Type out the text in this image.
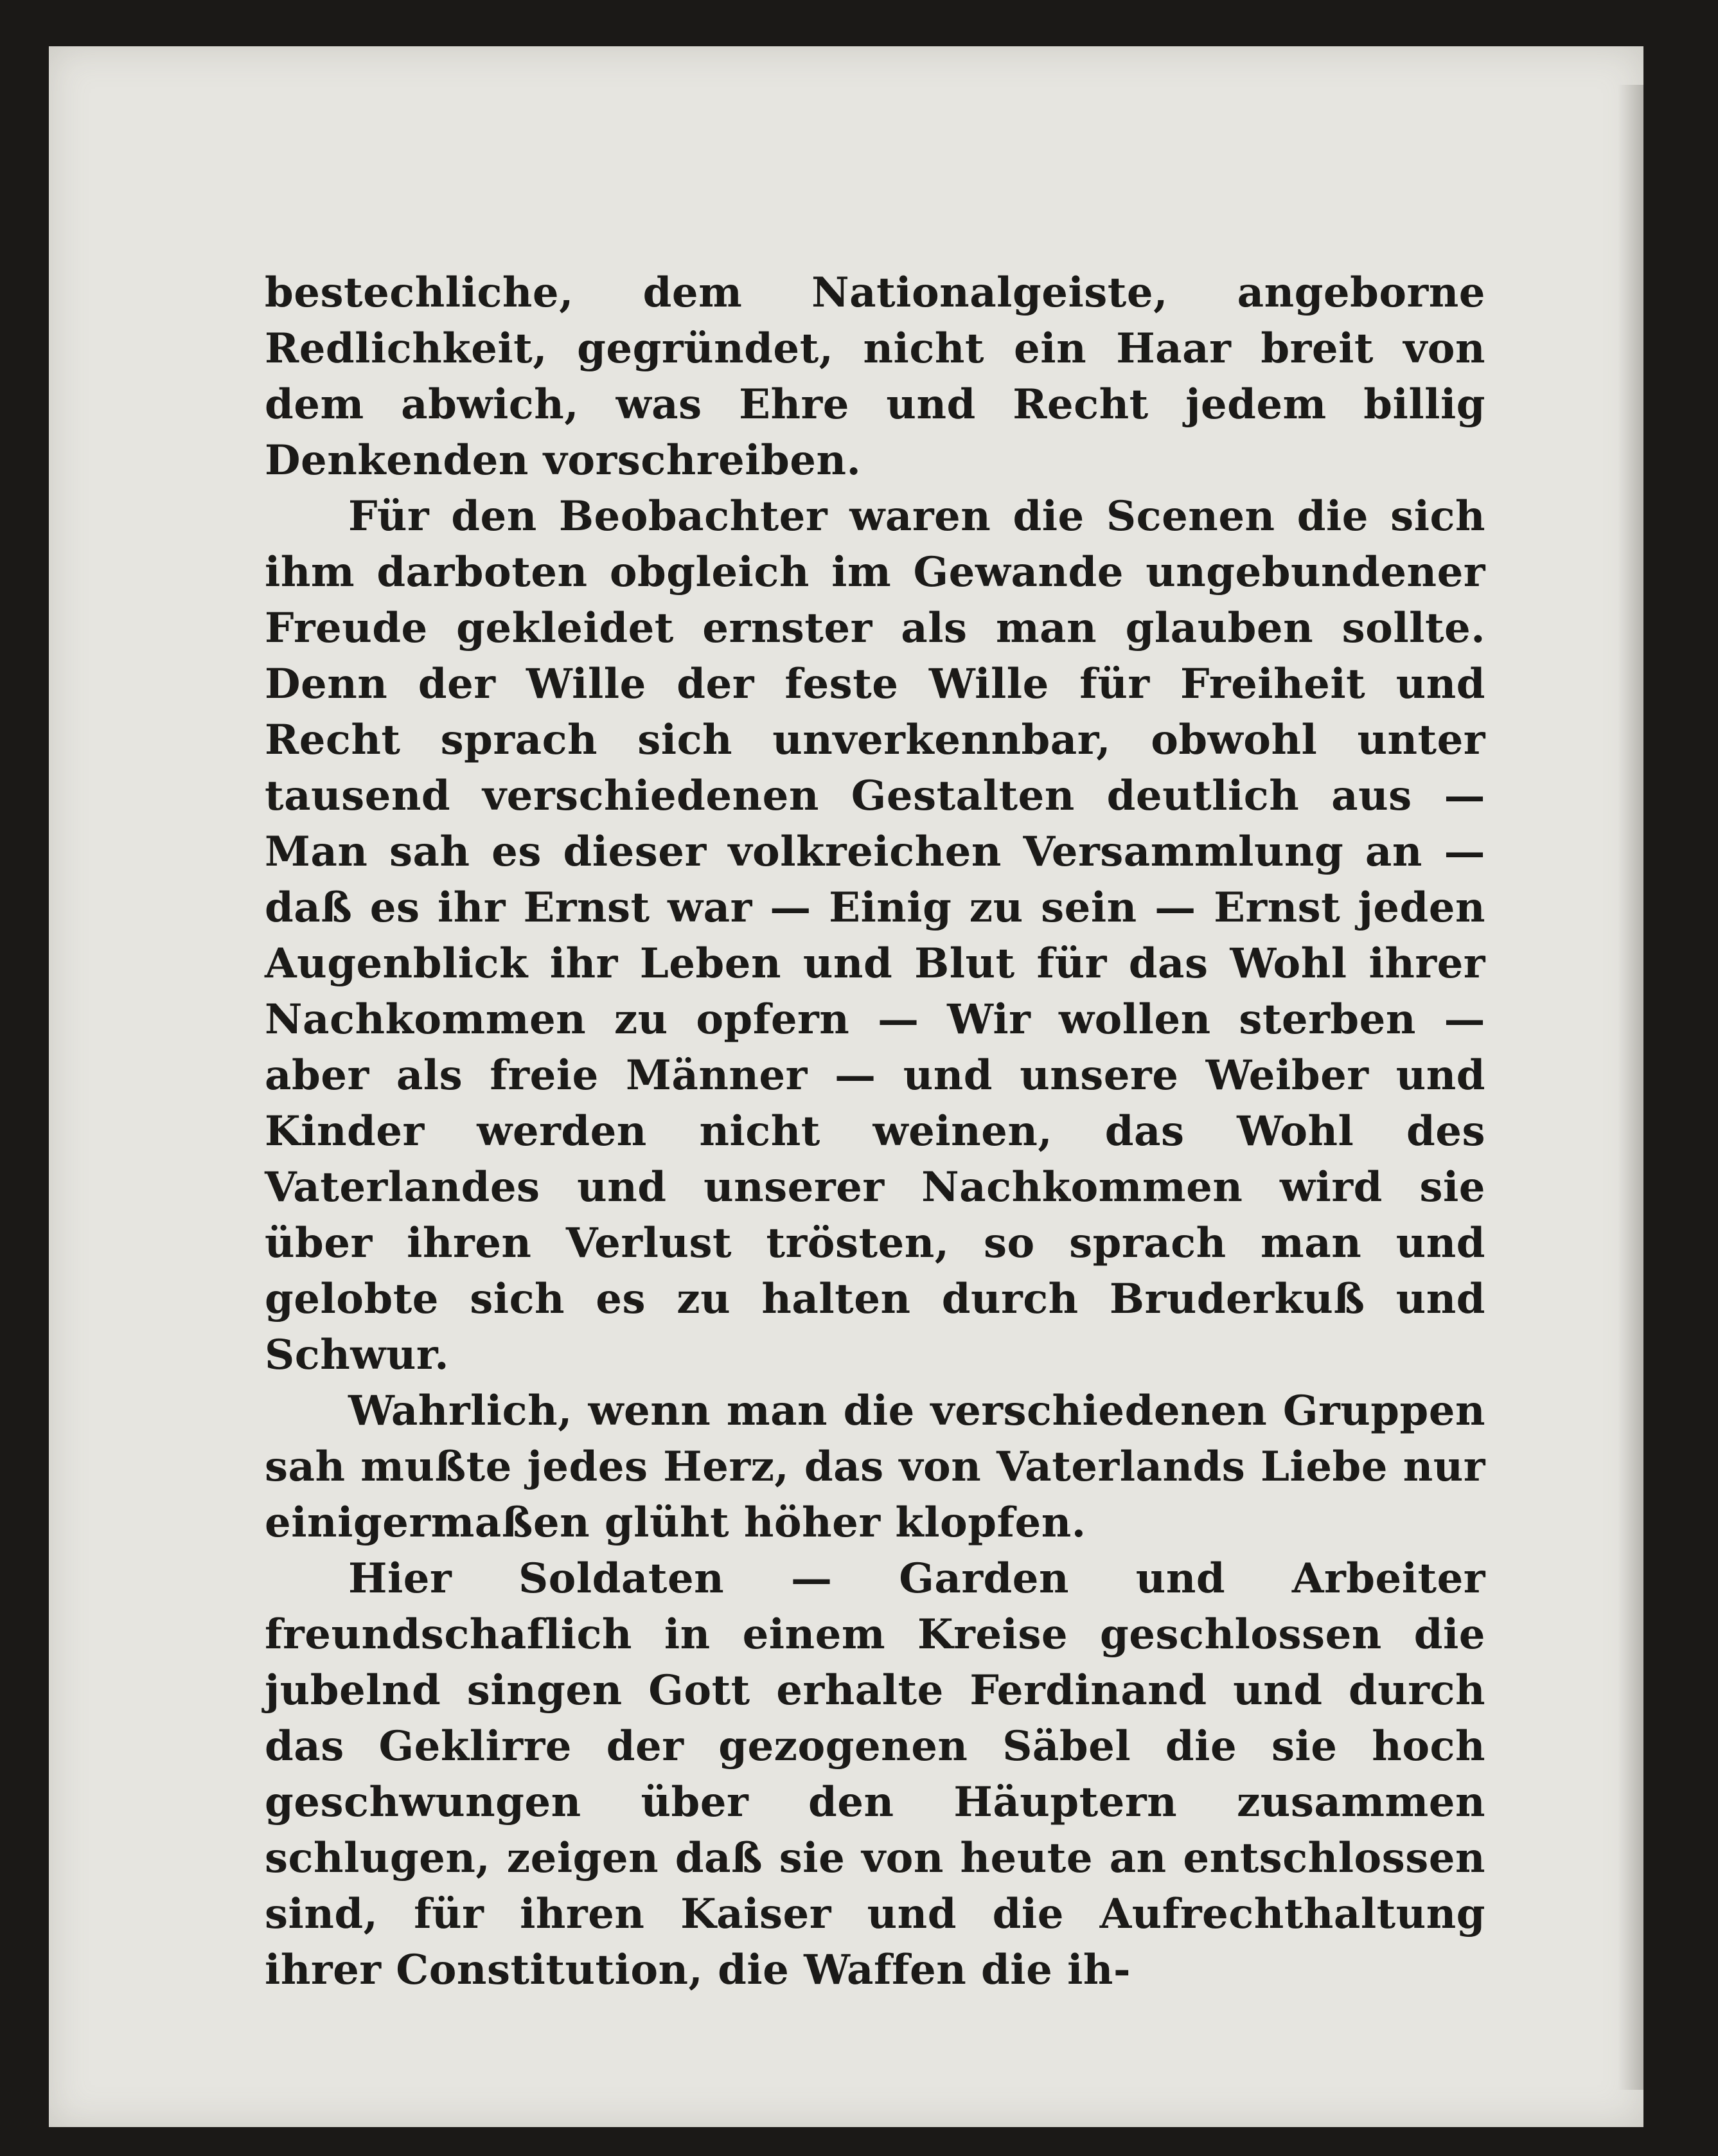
bestechliche, dem Nationalgeiste, angeborne Redlichkeit, gegründet, nicht ein Haar breit von dem abwich, was Ehre und Recht jedem billig Denkenden vorschreiben.

Für den Beobachter waren die Scenen die sich ihm darboten obgleich im Gewande ungebundener Freude gekleidet ernster als man glauben sollte. Denn der Wille der feste Wille für Freiheit und Recht sprach sich unverkennbar, obwohl unter tausend verschiedenen Gestalten deutlich aus — Man sah es dieser volkreichen Versammlung an — daß es ihr Ernst war — Einig zu sein — Ernst jeden Augenblick ihr Leben und Blut für das Wohl ihrer Nachkommen zu opfern — Wir wollen sterben — aber als freie Männer — und unsere Weiber und Kinder werden nicht weinen, das Wohl des Vaterlandes und unserer Nachkommen wird sie über ihren Verlust trösten, so sprach man und gelobte sich es zu halten durch Bruderkuß und Schwur.

Wahrlich, wenn man die verschiedenen Gruppen sah mußte jedes Herz, das von Vaterlands Liebe nur einigermaßen glüht höher klopfen.

Hier Soldaten — Garden und Arbeiter freundschaflich in einem Kreise geschlossen die jubelnd singen Gott erhalte Ferdinand und durch das Geklirre der gezogenen Säbel die sie hoch geschwungen über den Häuptern zusammen schlugen, zeigen daß sie von heute an entschlossen sind, für ihren Kaiser und die Aufrechthaltung ihrer Constitution, die Waffen die ih-
